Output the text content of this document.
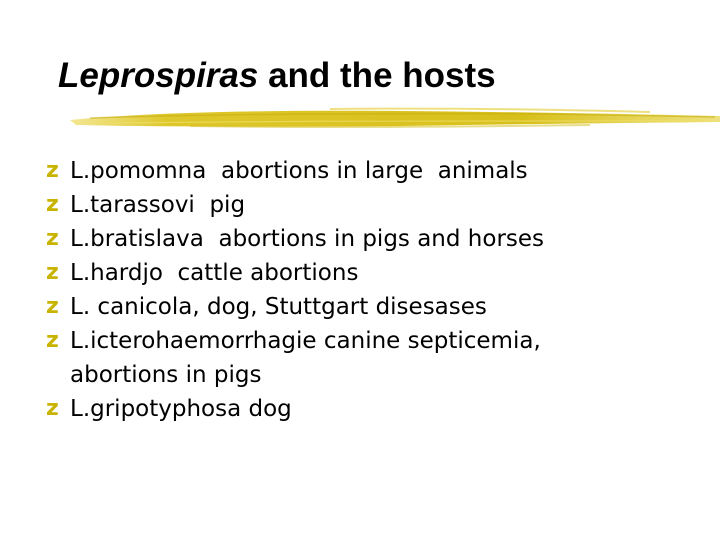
Leprospiras and the hosts
z L.pomomna  abortions in large  animals
z L.tarassovi  pig
z L.bratislava  abortions in pigs and horses
z L.hardjo  cattle abortions
z L. canicola, dog, Stuttgart disesases
z L.icterohaemorrhagie canine septicemia,
abortions in pigs
z L.gripotyphosa dog
